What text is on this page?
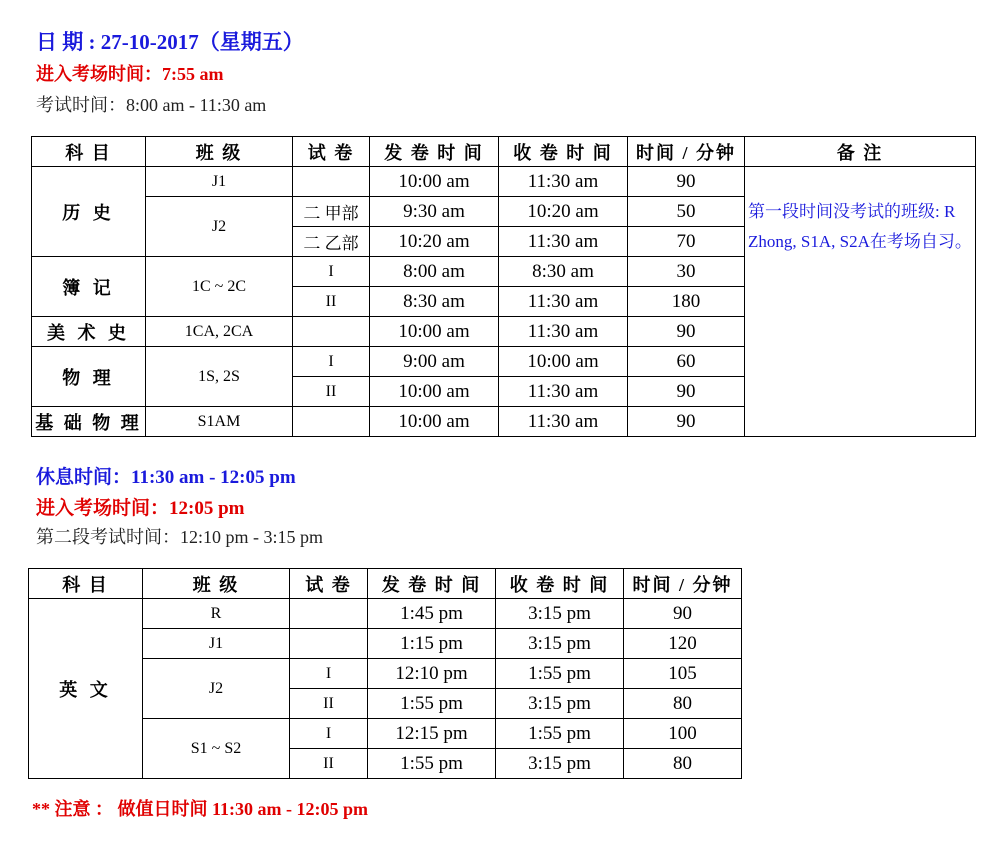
日 期 : 27-10-2017（星期五）
进入考场时间：7:55 am
考试时间：8:00 am - 11:30 am
科 目	班 级	试 卷	发 卷 时 间	收 卷 时 间	时间 / 分钟	备 注
历 史	J1		10:00 am	11:30 am	90	第一段时间没考试的班级: R Zhong, S1A, S2A在考场自习。
	J2	二 甲部	9:30 am	10:20 am	50	
		二 乙部	10:20 am	11:30 am	70	
簿 记	1C ~ 2C	I	8:00 am	8:30 am	30	
		II	8:30 am	11:30 am	180	
美 术 史	1CA, 2CA		10:00 am	11:30 am	90	
物 理	1S, 2S	I	9:00 am	10:00 am	60	
		II	10:00 am	11:30 am	90	
基 础 物 理	S1AM		10:00 am	11:30 am	90	
休息时间：11:30 am - 12:05 pm
进入考场时间：12:05 pm
第二段考试时间：12:10 pm - 3:15 pm
科 目	班 级	试 卷	发 卷 时 间	收 卷 时 间	时间 / 分钟
英 文	R		1:45 pm	3:15 pm	90
	J1		1:15 pm	3:15 pm	120
	J2	I	12:10 pm	1:55 pm	105
		II	1:55 pm	3:15 pm	80
	S1 ~ S2	I	12:15 pm	1:55 pm	100
		II	1:55 pm	3:15 pm	80
** 注意 ： 做值日时间 11:30 am - 12:05 pm
